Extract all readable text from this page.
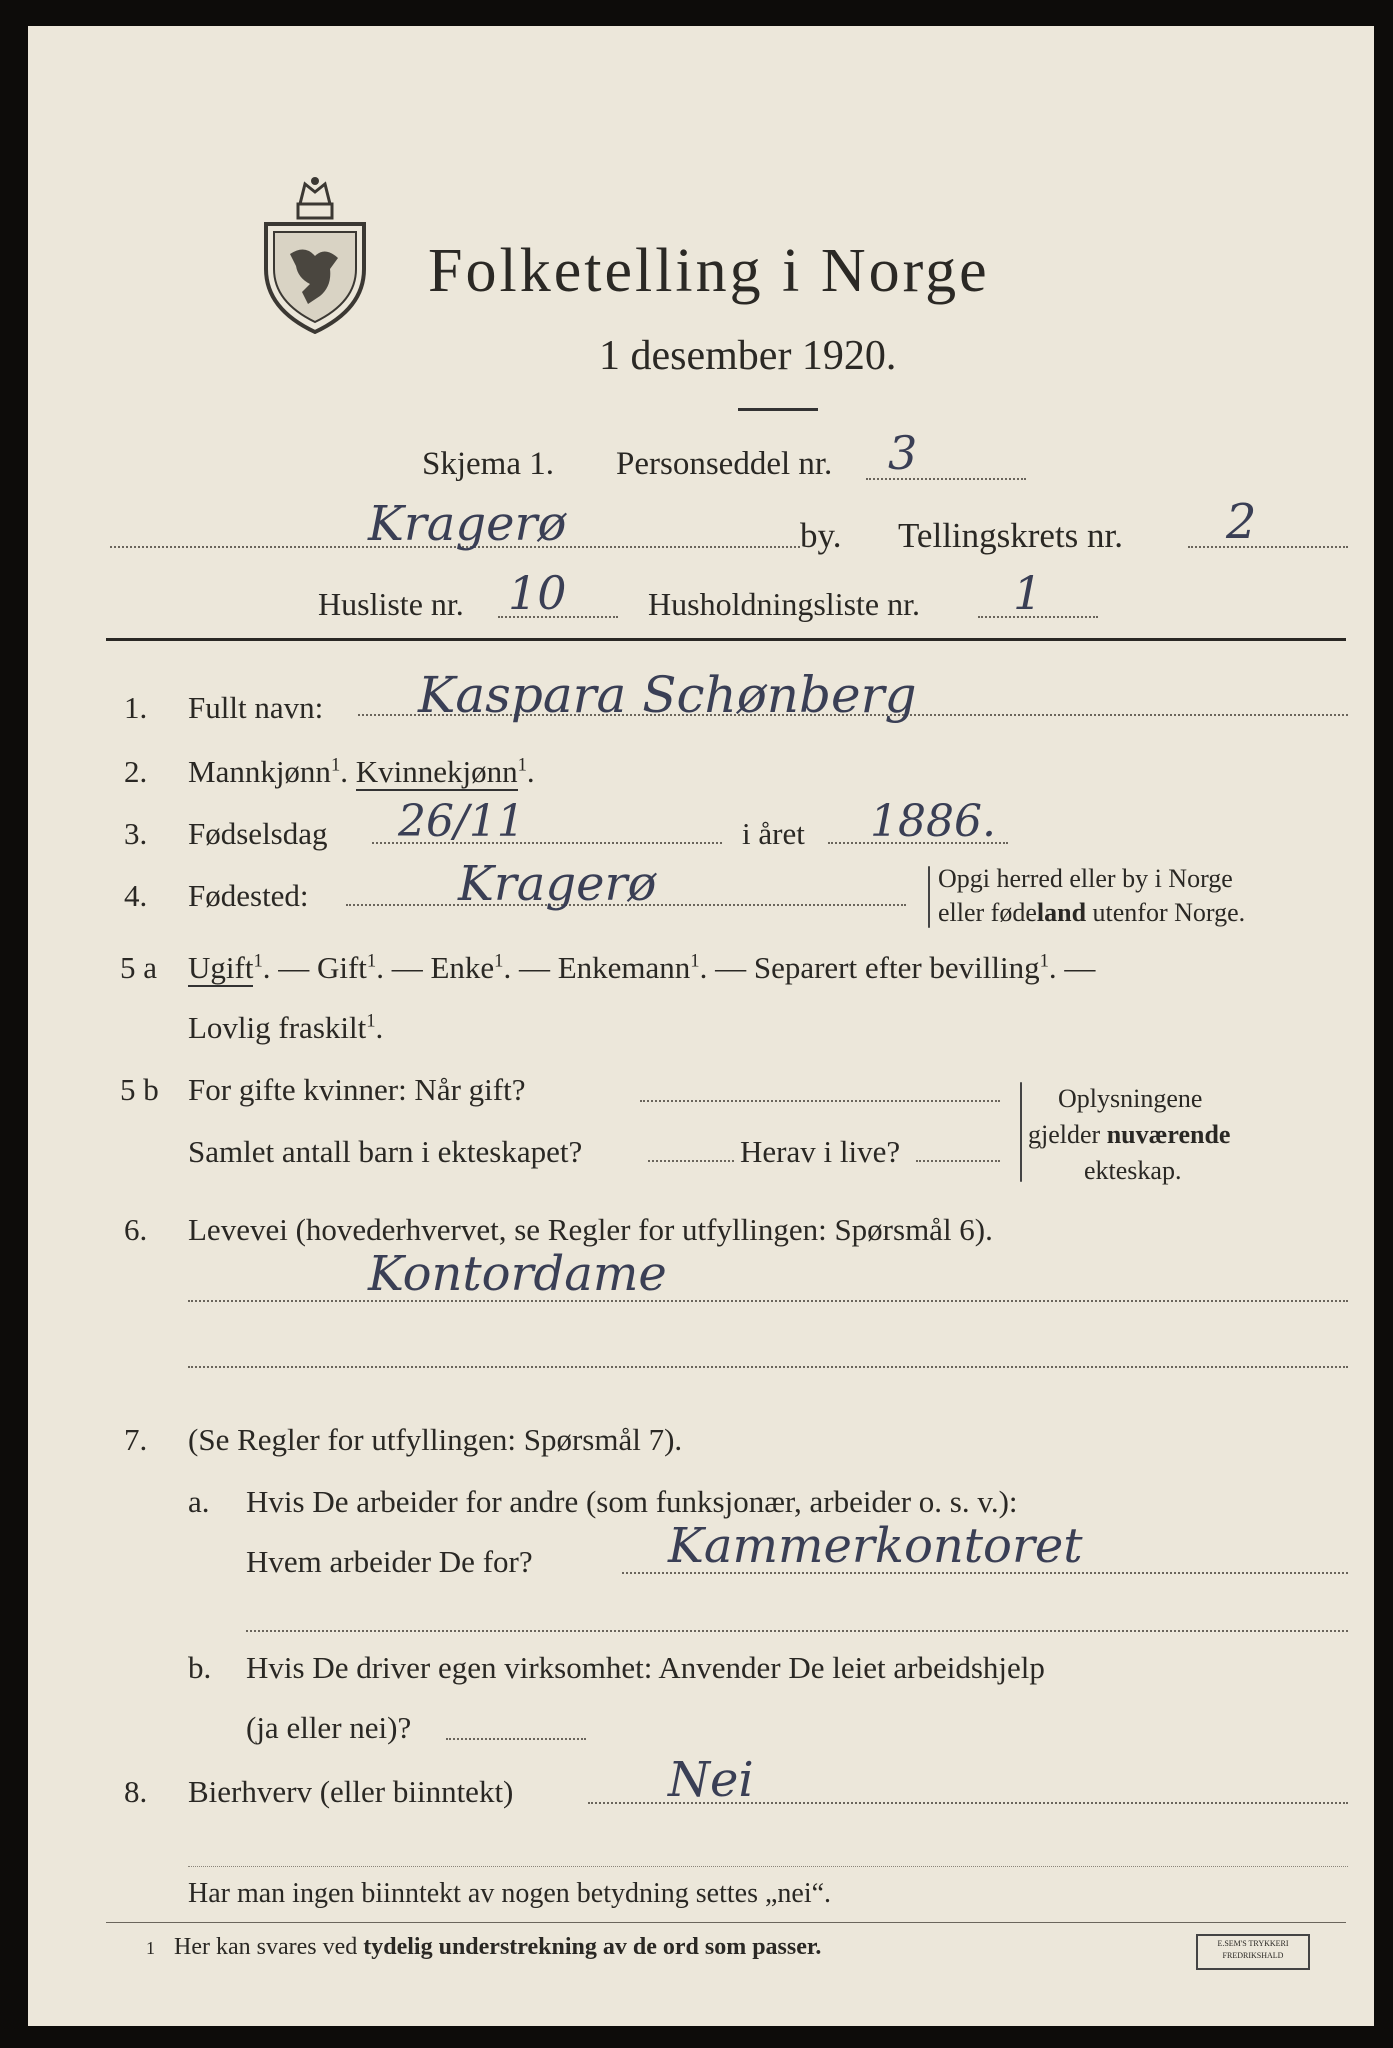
Folketelling i Norge
1 desember 1920.
Skjema 1. Personseddel nr. 3
Kragerø	by. Tellingskrets nr. 2
Husliste nr. 10	Husholdningsliste nr. 1
1. Fullt navn: Kaspara Schønberg
2. Mannkjønn$^1$. Kvinnekjønn$^1$.
3. Fødselsdag 26/11	i året 1886.
4. Fødested:	Kragerø	Opgi herred eller by i Norge
eller fødeland utenfor Norge.
5 a Ugift$^1$. — Gift$^1$. — Enke$^1$. — Enkemann$^1$. — Separert efter bevilling$^1$. —
Lovlig fraskilt$^1$.
5 b For gifte kvinner: Når gift?
Samlet antall barn i ekteskapet?	Herav i live?
Oplysningene
gjelder nuværende
ekteskap.
6. Levevei (hovederhvervet, se Regler for utfyllingen: Spørsmål 6).
Kontordame
7. (Se Regler for utfyllingen: Spørsmål 7).
a. Hvis De arbeider for andre (som funksjonær, arbeider o. s. v.):
Hvem arbeider De for?	Kammerkontoret
b. Hvis De driver egen virksomhet: Anvender De leiet arbeidshjelp
(ja eller nei)?
8. Bierhverv (eller biinntekt)	Nei
Har man ingen biinntekt av nogen betydning settes „nei“.
1 Her kan svares ved tydelig understrekning av de ord som passer.	E.SEM'S TRYKKERI
FREDRIKSHALD
